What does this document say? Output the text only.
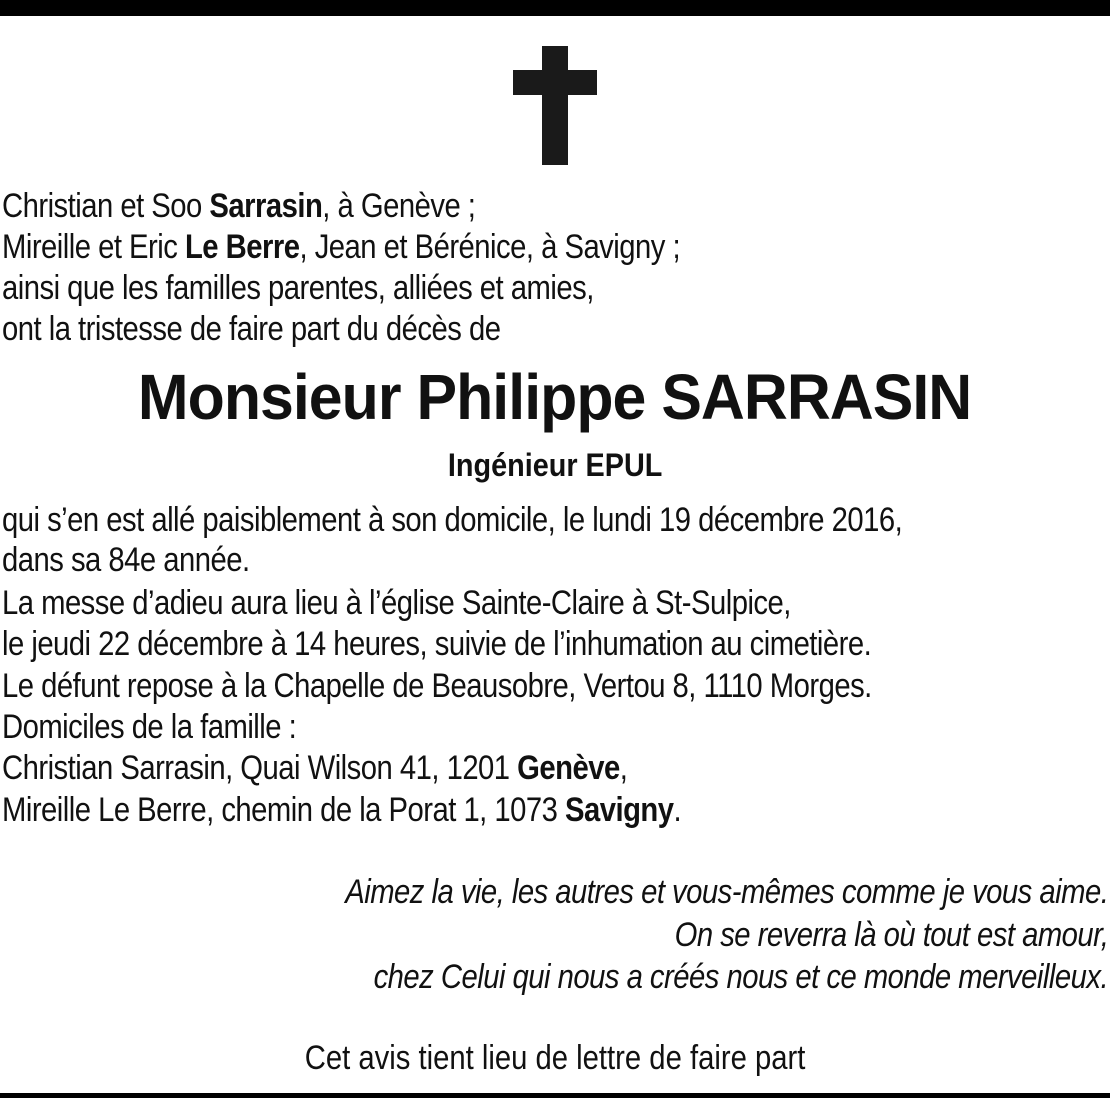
Christian et Soo Sarrasin, à Genève ;
Mireille et Eric Le Berre, Jean et Bérénice, à Savigny ;
ainsi que les familles parentes, alliées et amies,
ont la tristesse de faire part du décès de
Monsieur Philippe SARRASIN
Ingénieur EPUL
qui s’en est allé paisiblement à son domicile, le lundi 19 décembre 2016,
dans sa 84e année.
La messe d’adieu aura lieu à l’église Sainte-Claire à St-Sulpice,
le jeudi 22 décembre à 14 heures, suivie de l’inhumation au cimetière.
Le défunt repose à la Chapelle de Beausobre, Vertou 8, 1110 Morges.
Domiciles de la famille :
Christian Sarrasin, Quai Wilson 41, 1201 Genève,
Mireille Le Berre, chemin de la Porat 1, 1073 Savigny.
Aimez la vie, les autres et vous-mêmes comme je vous aime.
On se reverra là où tout est amour,
chez Celui qui nous a créés nous et ce monde merveilleux.
Cet avis tient lieu de lettre de faire part
